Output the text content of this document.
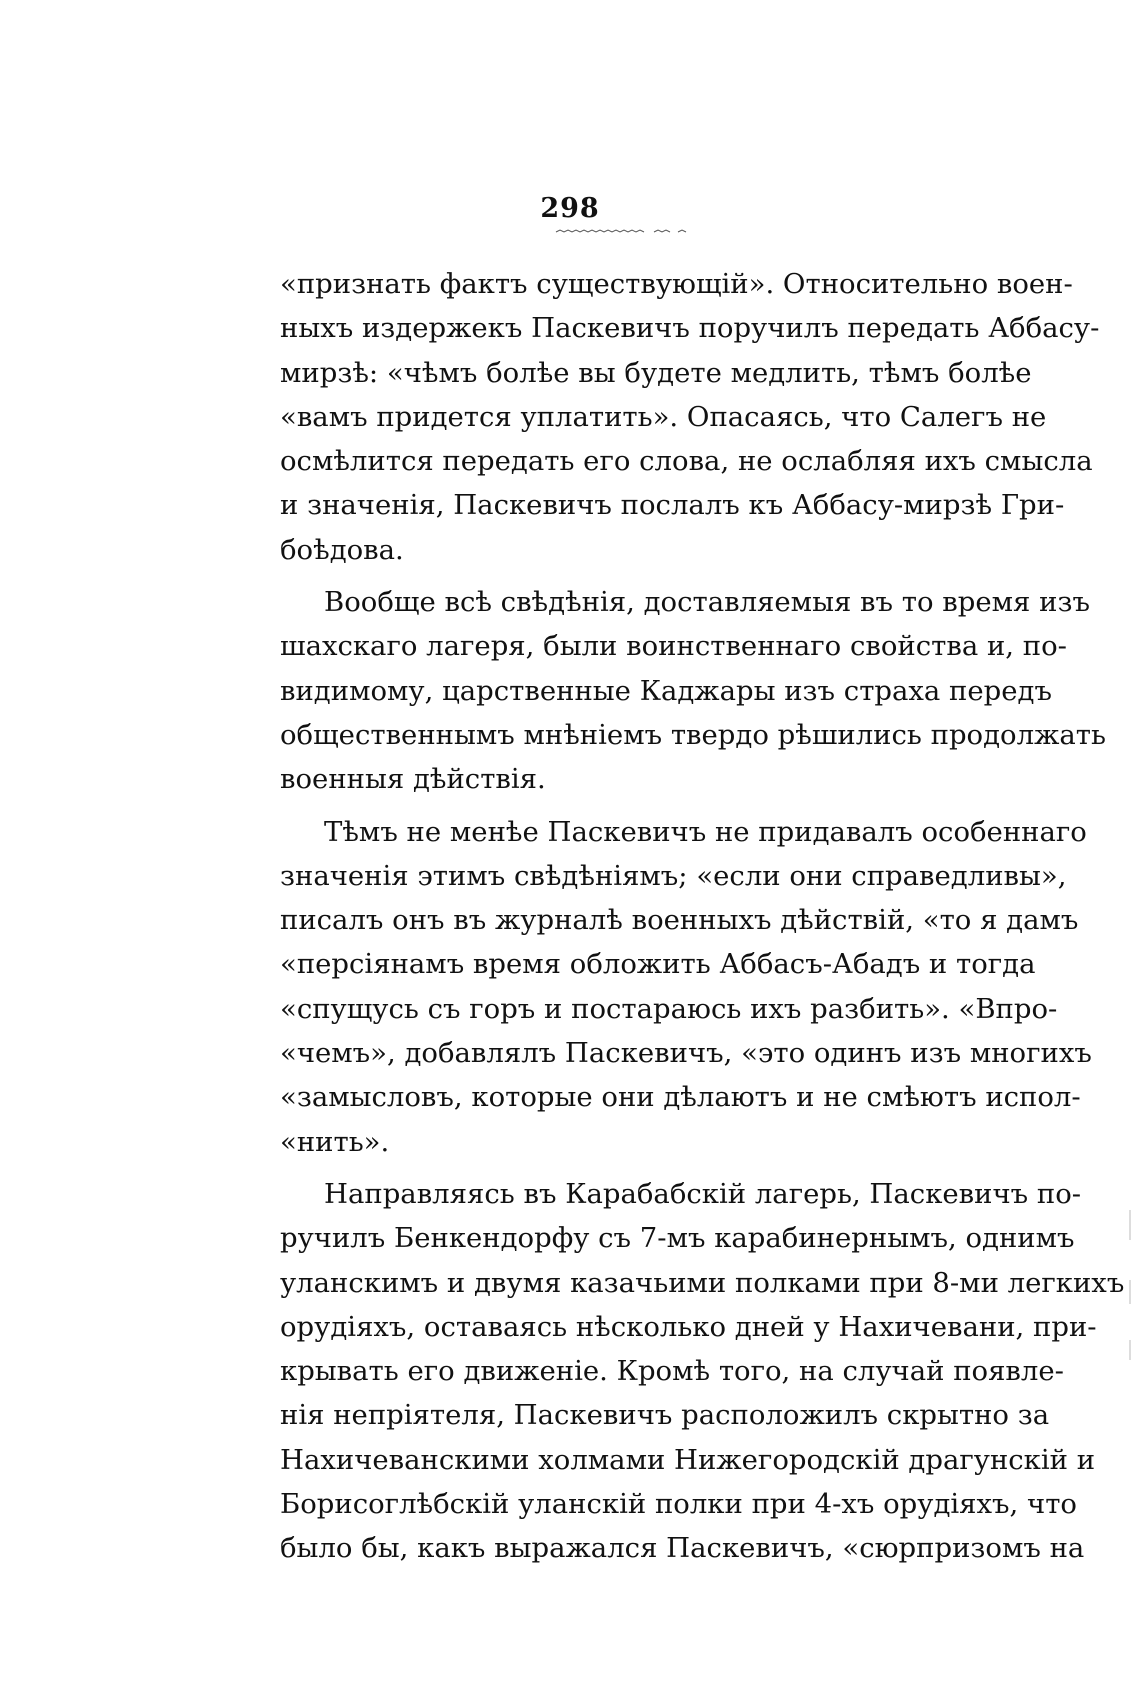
298
«признать фактъ существующій». Относительно воен-
ныхъ издержекъ Паскевичъ поручилъ передать Аббасу-
мирзѣ: «чѣмъ болѣе вы будете медлить, тѣмъ болѣе
«вамъ придется уплатить». Опасаясь, что Салегъ не
осмѣлится передать его слова, не ослабляя ихъ смысла
и значенія, Паскевичъ послалъ къ Аббасу-мирзѣ Гри-
боѣдова.
Вообще всѣ свѣдѣнія, доставляемыя въ то время изъ
шахскаго лагеря, были воинственнаго свойства и, по-
видимому, царственные Каджары изъ страха передъ
общественнымъ мнѣніемъ твердо рѣшились продолжать
военныя дѣйствія.
Тѣмъ не менѣе Паскевичъ не придавалъ особеннаго
значенія этимъ свѣдѣніямъ; «если они справедливы»,
писалъ онъ въ журналѣ военныхъ дѣйствій, «то я дамъ
«персіянамъ время обложить Аббасъ-Абадъ и тогда
«спущусь съ горъ и постараюсь ихъ разбить». «Впро-
«чемъ», добавлялъ Паскевичъ, «это одинъ изъ многихъ
«замысловъ, которые они дѣлаютъ и не смѣютъ испол-
«нить».
Направляясь въ Карабабскій лагерь, Паскевичъ по-
ручилъ Бенкендорфу съ 7-мъ карабинернымъ, однимъ
уланскимъ и двумя казачьими полками при 8-ми легкихъ
орудіяхъ, оставаясь нѣсколько дней у Нахичевани, при-
крывать его движеніе. Кромѣ того, на случай появле-
нія непріятеля, Паскевичъ расположилъ скрытно за
Нахичеванскими холмами Нижегородскій драгунскій и
Борисоглѣбскій уланскій полки при 4-хъ орудіяхъ, что
было бы, какъ выражался Паскевичъ, «сюрпризомъ на
